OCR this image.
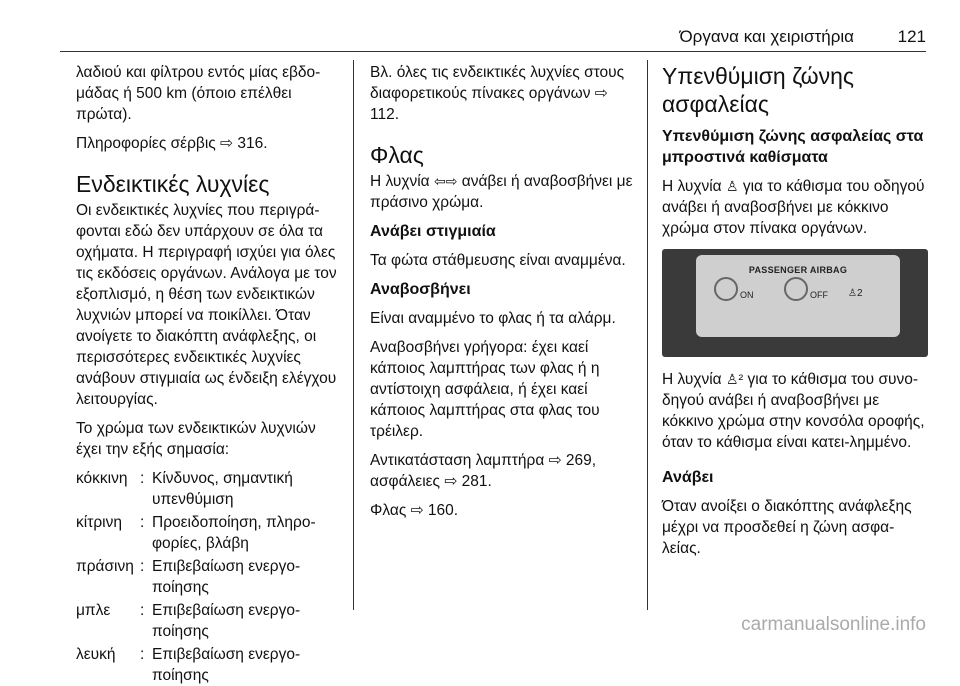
Όργανα και χειριστήρια	121

λαδιού και φίλτρου εντός μίας εβδο-μάδας ή 500 km (όποιο επέλθει πρώτα).

Πληροφορίες σέρβις ⇨ 316.

Ενδεικτικές λυχνίες

Οι ενδεικτικές λυχνίες που περιγρά-φονται εδώ δεν υπάρχουν σε όλα τα οχήματα. Η περιγραφή ισχύει για όλες τις εκδόσεις οργάνων. Ανάλογα με τον εξοπλισμό, η θέση των ενδεικτικών λυχνιών μπορεί να ποικίλλει. Όταν ανοίγετε το διακόπτη ανάφλεξης, οι περισσότερες ενδεικτικές λυχνίες ανάβουν στιγμιαία ως ένδειξη ελέγχου λειτουργίας.

Το χρώμα των ενδεικτικών λυχνιών έχει την εξής σημασία:

κόκκινη : Κίνδυνος, σημαντική υπενθύμιση
κίτρινη	: Προειδοποίηση, πληρο-φορίες, βλάβη
πράσινη : Επιβεβαίωση ενεργο-ποίησης
μπλε	: Επιβεβαίωση ενεργο-ποίησης
λευκή	: Επιβεβαίωση ενεργο-ποίησης

Βλ. όλες τις ενδεικτικές λυχνίες στους διαφορετικούς πίνακες οργάνων ⇨ 112.

Φλας

Η λυχνία ⇦⇨ ανάβει ή αναβοσβήνει με πράσινο χρώμα.

Ανάβει στιγμιαία

Τα φώτα στάθμευσης είναι αναμμένα.

Αναβοσβήνει

Είναι αναμμένο το φλας ή τα αλάρμ.

Αναβοσβήνει γρήγορα: έχει καεί κάποιος λαμπτήρας των φλας ή η αντίστοιχη ασφάλεια, ή έχει καεί κάποιος λαμπτήρας στα φλας του τρέιλερ.

Αντικατάσταση λαμπτήρα ⇨ 269, ασφάλειες ⇨ 281.

Φλας ⇨ 160.

Υπενθύμιση ζώνης ασφαλείας
Υπενθύμιση ζώνης ασφαλείας στα μπροστινά καθίσματα

Η λυχνία ♙ για το κάθισμα του οδηγού ανάβει ή αναβοσβήνει με κόκκινο χρώμα στον πίνακα οργάνων.

PASSENGER AIRBAG
ON	OFF ♙2

Η λυχνία ♙² για το κάθισμα του συνο-δηγού ανάβει ή αναβοσβήνει με κόκκινο χρώμα στην κονσόλα οροφής, όταν το κάθισμα είναι κατει-λημμένο.

Ανάβει

Όταν ανοίξει ο διακόπτης ανάφλεξης μέχρι να προσδεθεί η ζώνη ασφα-λείας.

carmanualsonline.info
